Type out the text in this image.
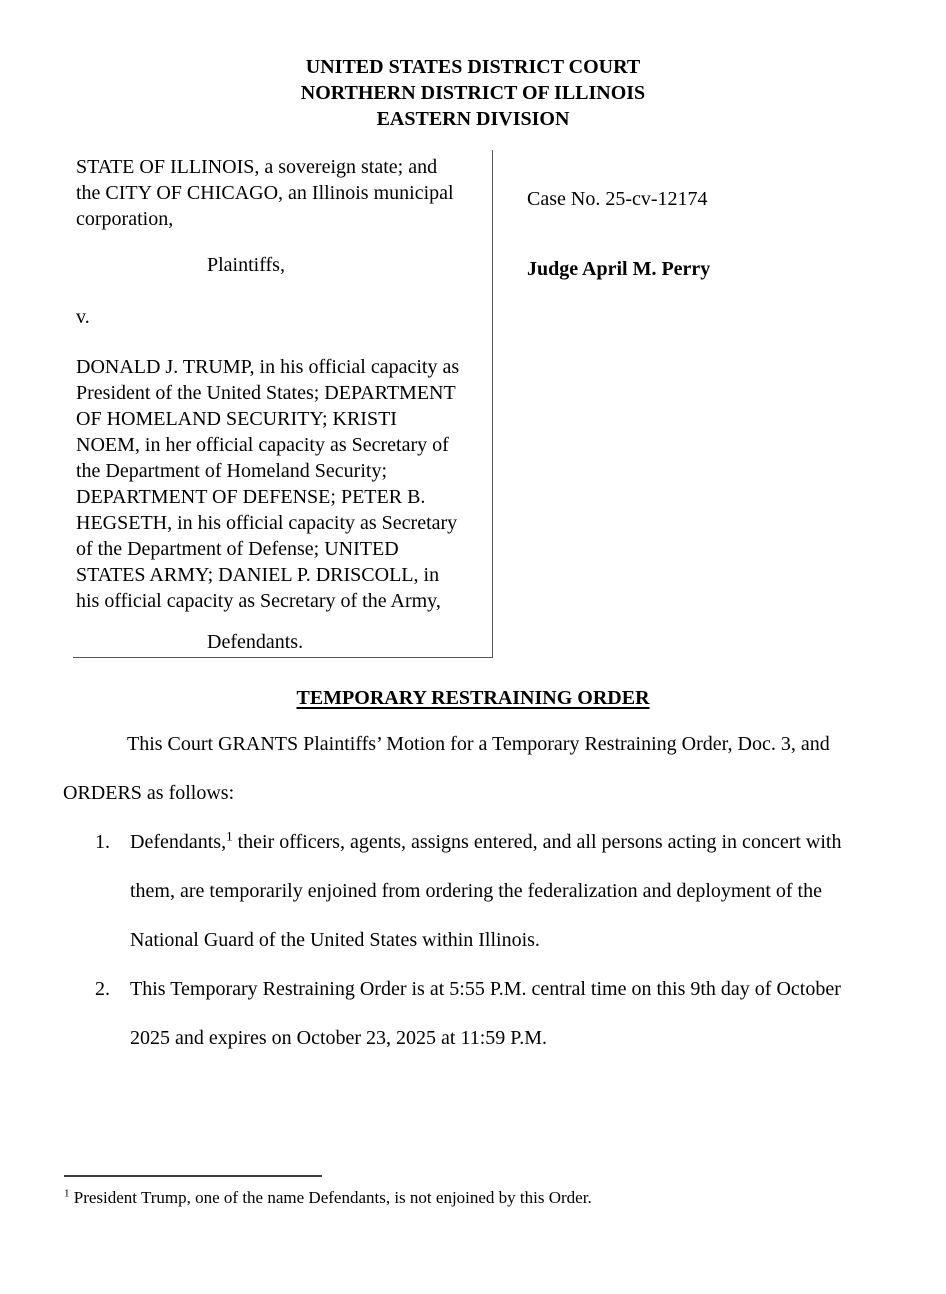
UNITED STATES DISTRICT COURT
NORTHERN DISTRICT OF ILLINOIS
EASTERN DIVISION
STATE OF ILLINOIS, a sovereign state; and
the CITY OF CHICAGO, an Illinois municipal
corporation,
Plaintiffs,
v.
DONALD J. TRUMP, in his official capacity as
President of the United States; DEPARTMENT
OF HOMELAND SECURITY; KRISTI
NOEM, in her official capacity as Secretary of
the Department of Homeland Security;
DEPARTMENT OF DEFENSE; PETER B.
HEGSETH, in his official capacity as Secretary
of the Department of Defense; UNITED
STATES ARMY; DANIEL P. DRISCOLL, in
his official capacity as Secretary of the Army,
Defendants.
Case No. 25-cv-12174
Judge April M. Perry
TEMPORARY RESTRAINING ORDER
This Court GRANTS Plaintiffs’ Motion for a Temporary Restraining Order, Doc. 3, and
ORDERS as follows:
1.	Defendants,$^1$ their officers, agents, assigns entered, and all persons acting in concert with
them, are temporarily enjoined from ordering the federalization and deployment of the
National Guard of the United States within Illinois.
2.	This Temporary Restraining Order is at 5:55 P.M. central time on this 9th day of October
2025 and expires on October 23, 2025 at 11:59 P.M.
$^1$ President Trump, one of the name Defendants, is not enjoined by this Order.
